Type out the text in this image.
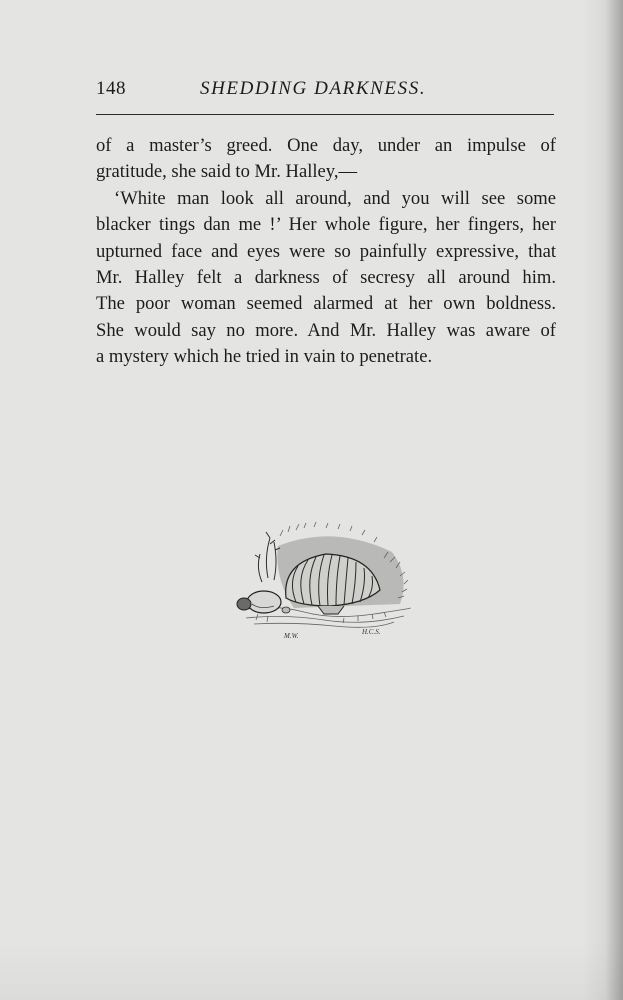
148	SHEDDING DARKNESS.
of a master’s greed. One day, under an impulse of
gratitude, she said to Mr. Halley,—
‘White man look all around, and you will see some
blacker tings dan me !’ Her whole figure, her fingers, her
upturned face and eyes were so painfully expressive, that
Mr. Halley felt a darkness of secresy all around him.
The poor woman seemed alarmed at her own boldness.
She would say no more. And Mr. Halley was aware of
a mystery which he tried in vain to penetrate.
M.W.	H.C.S.
